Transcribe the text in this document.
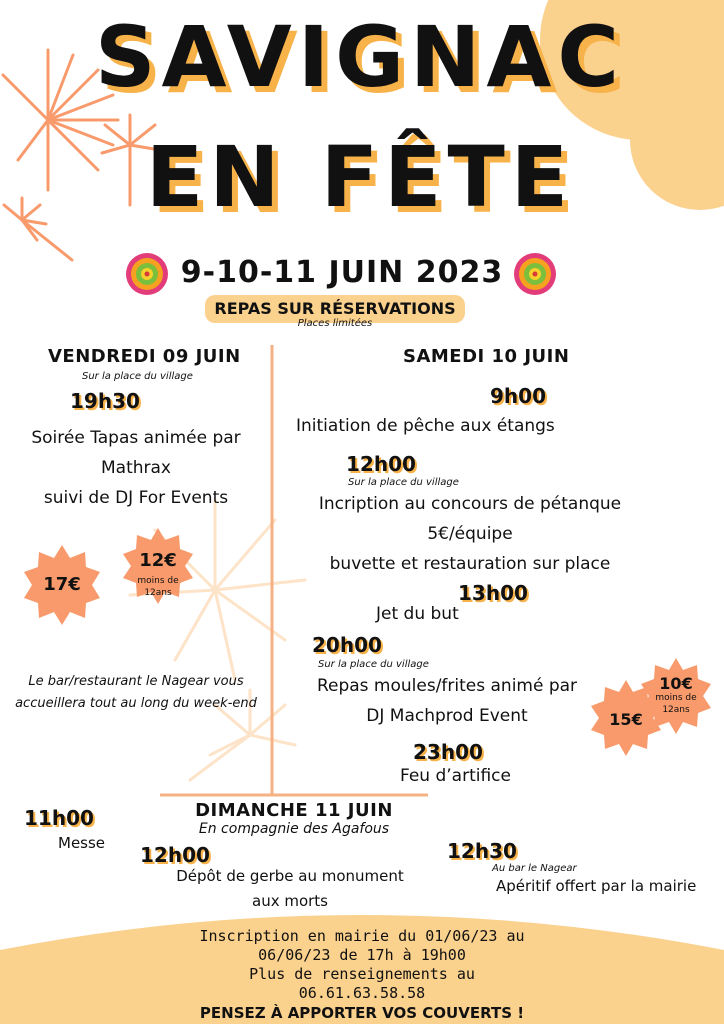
SAVIGNAC
EN FÊTE
9-10-11 JUIN 2023
REPAS SUR RÉSERVATIONS
Places limitées
VENDREDI 09 JUIN
Sur la place du village
19h30
Soirée Tapas animée par
Mathrax
suivi de DJ For Events
17€
12€
moins de
12ans
Le bar/restaurant le Nagear vous
accueillera tout au long du week-end
SAMEDI 10 JUIN
9h00
Initiation de pêche aux étangs
12h00
Sur la place du village
Incription au concours de pétanque
5€/équipe
buvette et restauration sur place
13h00
Jet du but
20h00
Sur la place du village
Repas moules/frites animé par
DJ Machprod Event
23h00
Feu d’artifice
15€
10€
moins de
12ans
DIMANCHE 11 JUIN
En compagnie des Agafous
11h00
Messe 12h00
Dépôt de gerbe au monument
aux morts
12h30
Au bar le Nagear
Apéritif offert par la mairie
Inscription en mairie du 01/06/23 au
06/06/23 de 17h à 19h00
Plus de renseignements au
06.61.63.58.58
PENSEZ À APPORTER VOS COUVERTS !
